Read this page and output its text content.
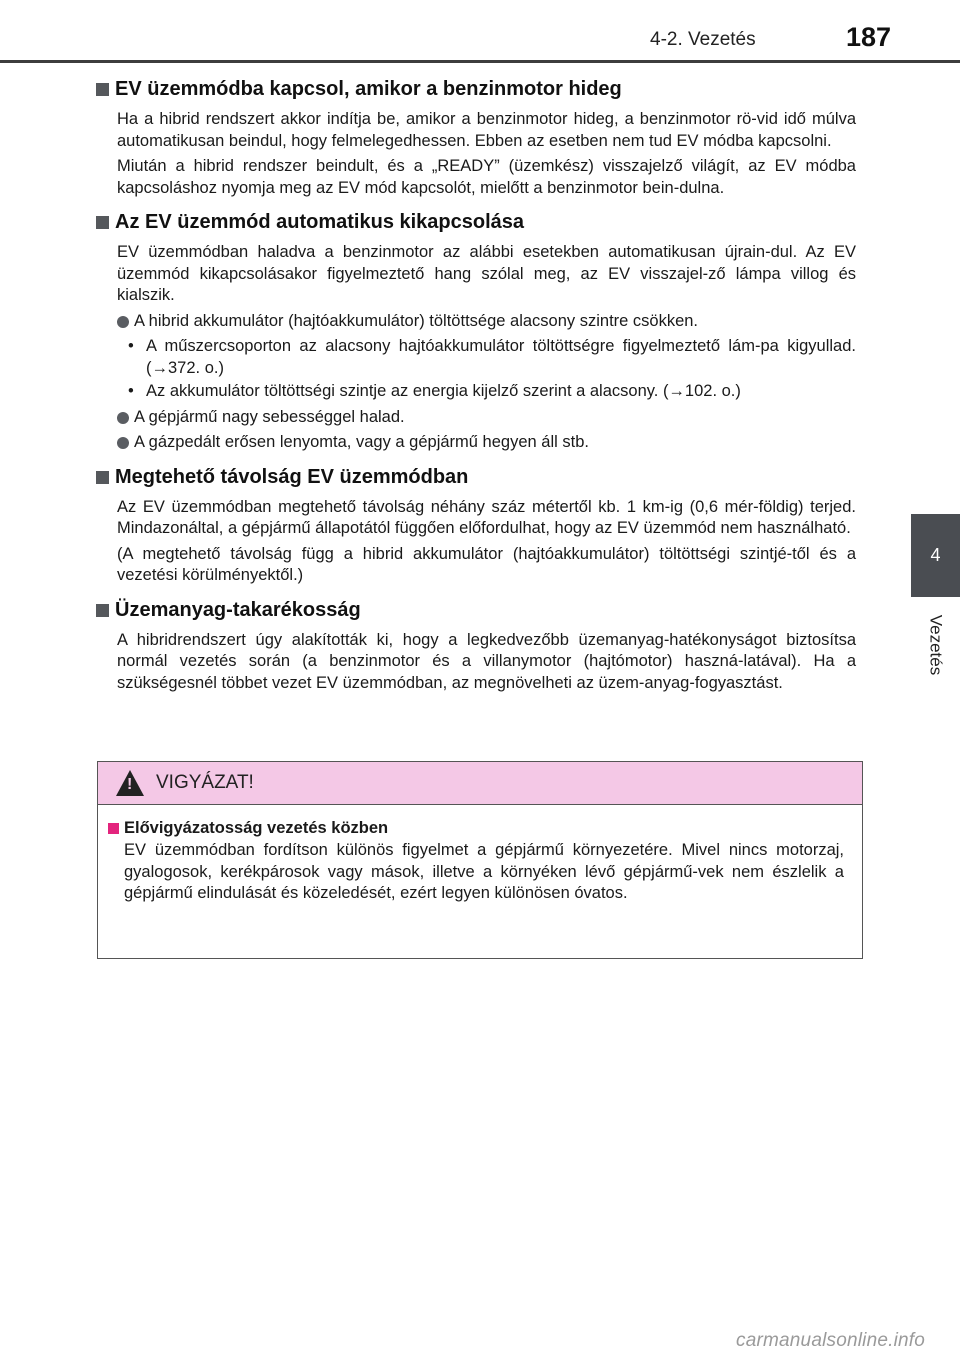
4-2. Vezetés	187
4
Vezetés
EV üzemmódba kapcsol, amikor a benzinmotor hideg

Ha a hibrid rendszert akkor indítja be, amikor a benzinmotor hideg, a benzinmotor rö-vid idő múlva automatikusan beindul, hogy felmelegedhessen. Ebben az esetben nem tud EV módba kapcsolni.

Miután a hibrid rendszer beindult, és a „READY” (üzemkész) visszajelző világít, az EV módba kapcsoláshoz nyomja meg az EV mód kapcsolót, mielőtt a benzinmotor bein-dulna.

Az EV üzemmód automatikus kikapcsolása

EV üzemmódban haladva a benzinmotor az alábbi esetekben automatikusan újrain-dul. Az EV üzemmód kikapcsolásakor figyelmeztető hang szólal meg, az EV visszajel-ző lámpa villog és kialszik.

A hibrid akkumulátor (hajtóakkumulátor) töltöttsége alacsony szintre csökken.
• A műszercsoporton az alacsony hajtóakkumulátor töltöttségre figyelmeztető lám-pa kigyullad. (→372. o.)
• Az akkumulátor töltöttségi szintje az energia kijelző szerint a alacsony. (→102. o.)
A gépjármű nagy sebességgel halad.
A gázpedált erősen lenyomta, vagy a gépjármű hegyen áll stb.
Megtehető távolság EV üzemmódban

Az EV üzemmódban megtehető távolság néhány száz métertől kb. 1 km-ig (0,6 mér-földig) terjed. Mindazonáltal, a gépjármű állapotától függően előfordulhat, hogy az EV üzemmód nem használható.

(A megtehető távolság függ a hibrid akkumulátor (hajtóakkumulátor) töltöttségi szintjé-től és a vezetési körülményektől.)

Üzemanyag-takarékosság

A hibridrendszert úgy alakították ki, hogy a legkedvezőbb üzemanyag-hatékonyságot biztosítsa normál vezetés során (a benzinmotor és a villanymotor (hajtómotor) haszná-latával). Ha a szükségesnél többet vezet EV üzemmódban, az megnövelheti az üzem-anyag-fogyasztást.

!
VIGYÁZAT!
Elővigyázatosság vezetés közben

EV üzemmódban fordítson különös figyelmet a gépjármű környezetére. Mivel nincs motorzaj, gyalogosok, kerékpárosok vagy mások, illetve a környéken lévő gépjármű-vek nem észlelik a gépjármű elindulását és közeledését, ezért legyen különösen óvatos.

carmanualsonline.info
